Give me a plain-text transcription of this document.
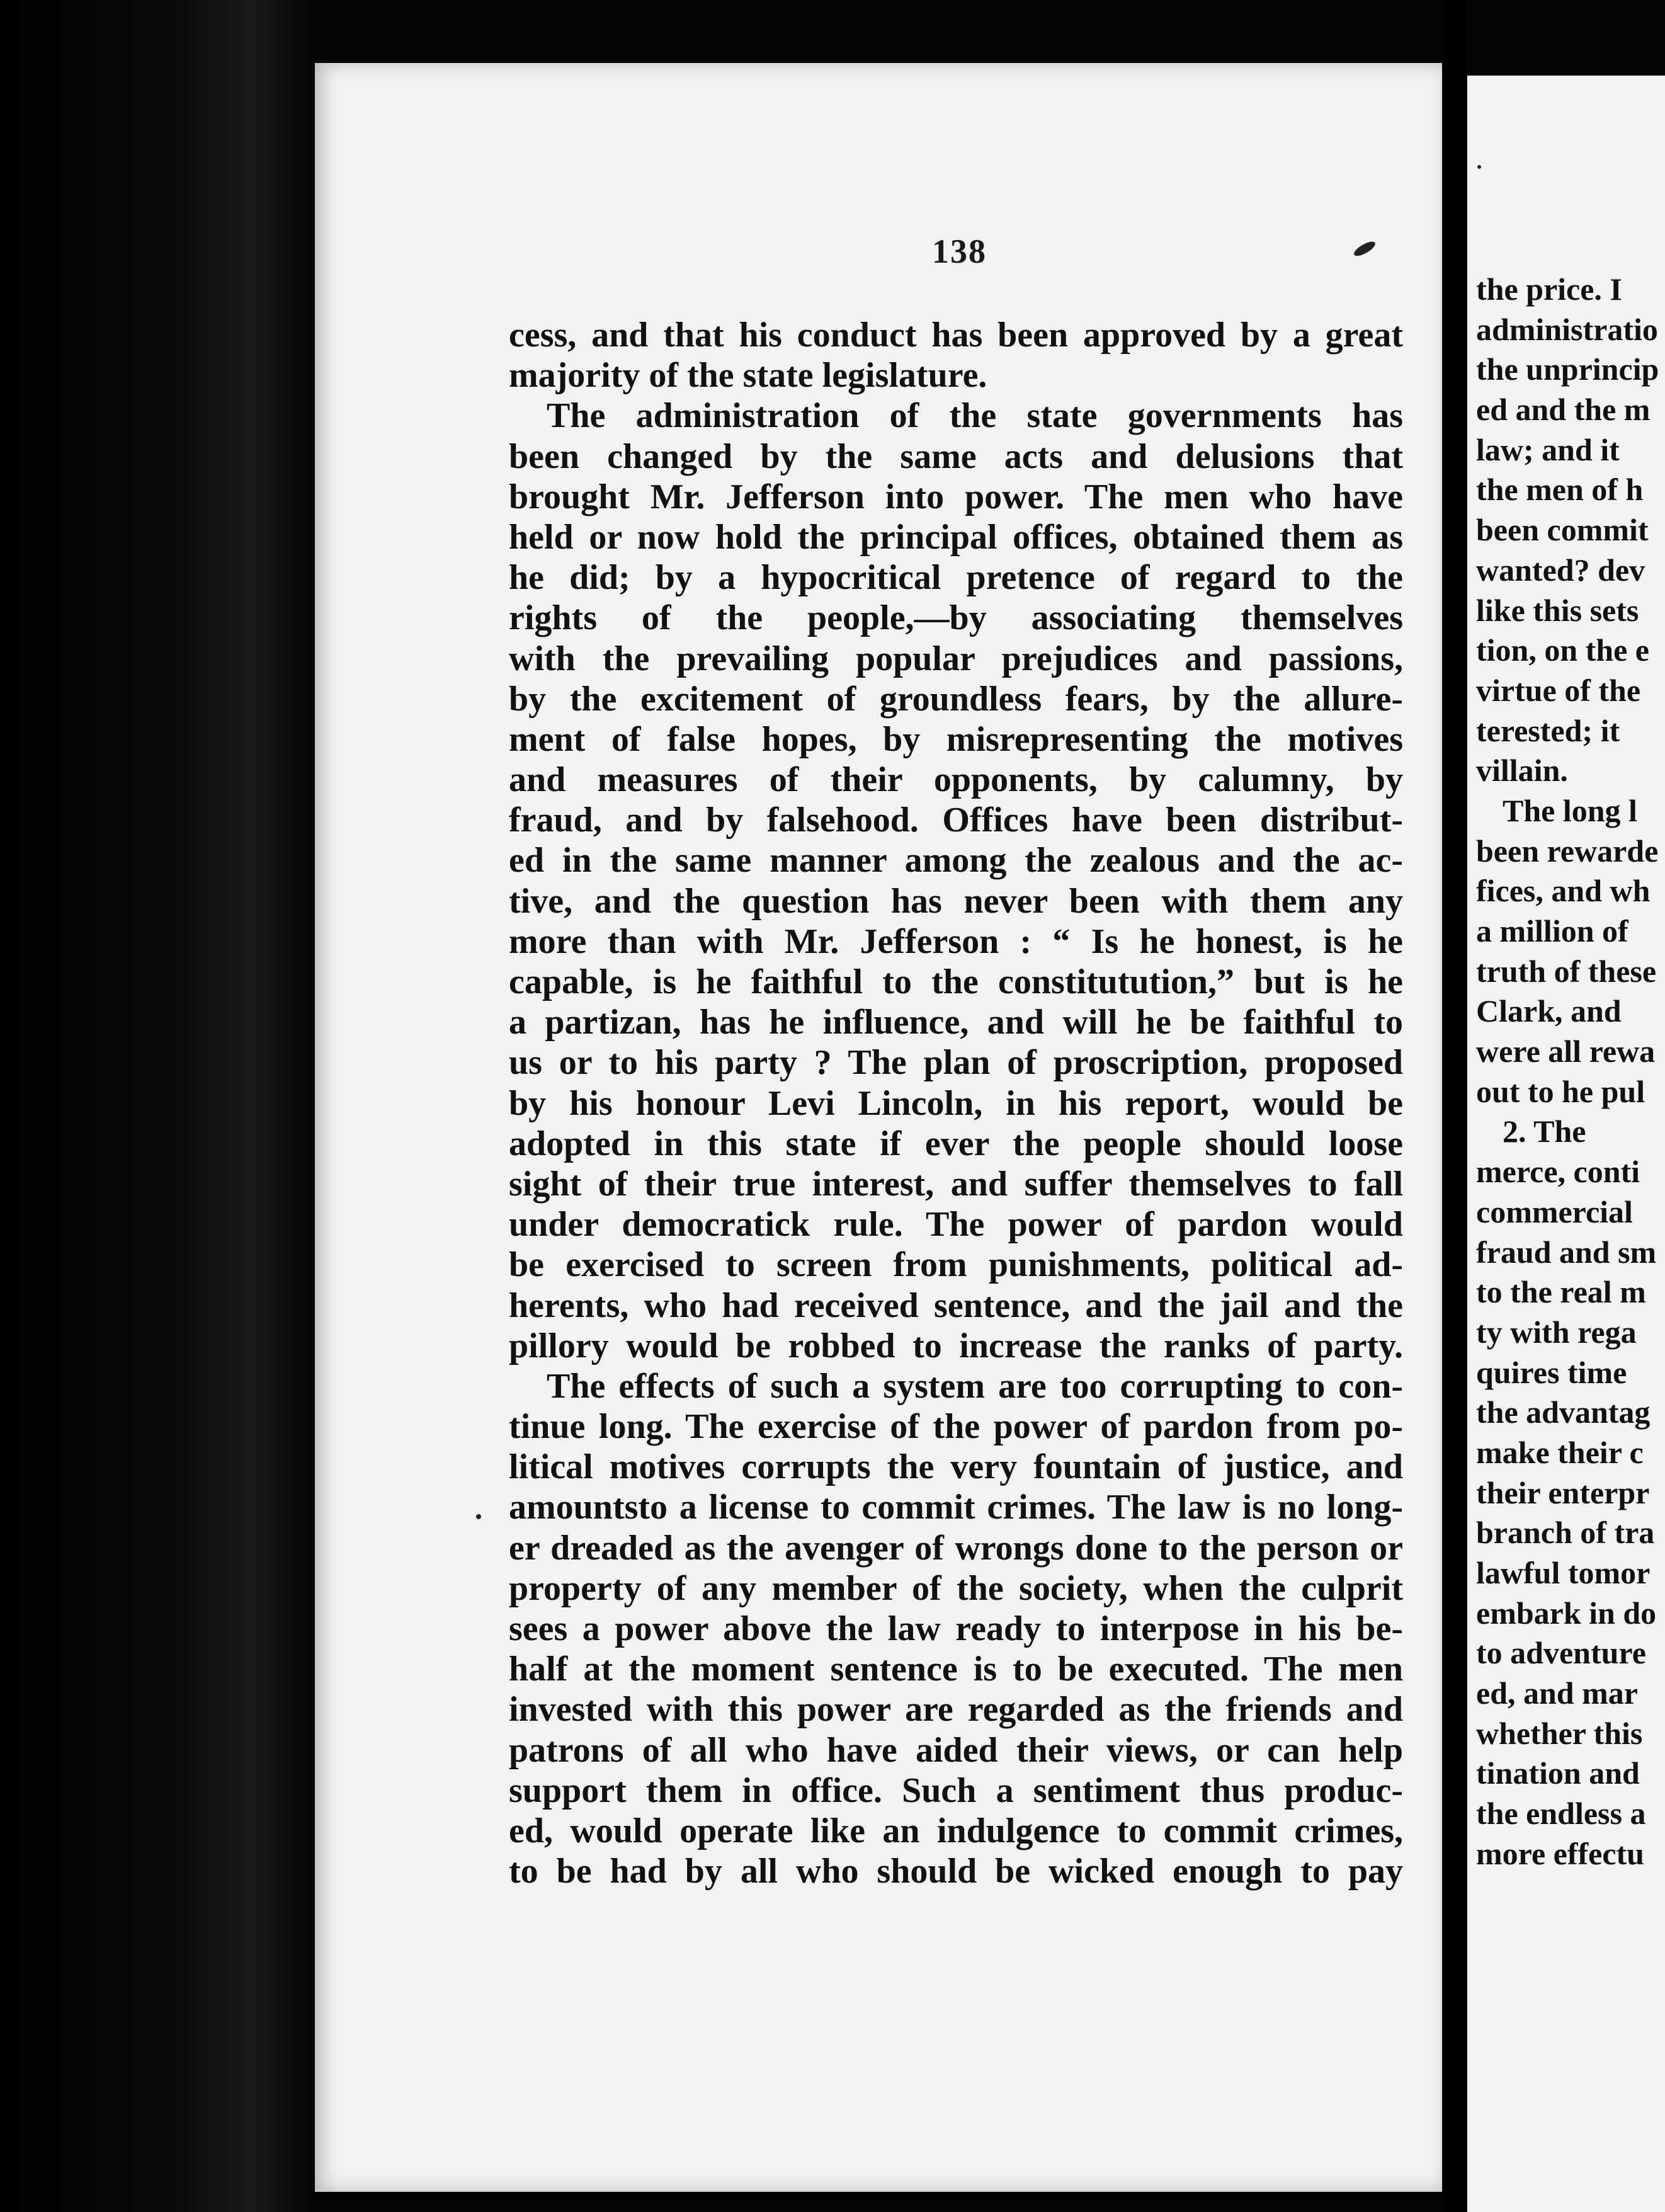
138
cess, and that his conduct has been approved by a great
majority of the state legislature.
The administration of the state governments has
been changed by the same acts and delusions that
brought Mr. Jefferson into power. The men who have
held or now hold the principal offices, obtained them as
he did; by a hypocritical pretence of regard to the
rights of the people,—by associating themselves
with the prevailing popular prejudices and passions,
by the excitement of groundless fears, by the allure-
ment of false hopes, by misrepresenting the motives
and measures of their opponents, by calumny, by
fraud, and by falsehood. Offices have been distribut-
ed in the same manner among the zealous and the ac-
tive, and the question has never been with them any
more than with Mr. Jefferson : “ Is he honest, is he
capable, is he faithful to the constitutution,” but is he
a partizan, has he influence, and will he be faithful to
us or to his party ? The plan of proscription, proposed
by his honour Levi Lincoln, in his report, would be
adopted in this state if ever the people should loose
sight of their true interest, and suffer themselves to fall
under democratick rule. The power of pardon would
be exercised to screen from punishments, political ad-
herents, who had received sentence, and the jail and the
pillory would be robbed to increase the ranks of party.
The effects of such a system are too corrupting to con-
tinue long. The exercise of the power of pardon from po-
litical motives corrupts the very fountain of justice, and
amountsto a license to commit crimes. The law is no long-
er dreaded as the avenger of wrongs done to the person or
property of any member of the society, when the culprit
sees a power above the law ready to interpose in his be-
half at the moment sentence is to be executed. The men
invested with this power are regarded as the friends and
patrons of all who have aided their views, or can help
support them in office. Such a sentiment thus produc-
ed, would operate like an indulgence to commit crimes,
to be had by all who should be wicked enough to pay
the price. I
administratio
the unprincip
ed and the m
law; and it
the men of h
been commit
wanted? dev
like this sets
tion, on the e
virtue of the
terested; it
villain.
The long l
been rewarde
fices, and wh
a million of
truth of these
Clark, and
were all rewa
out to he pul
2. The
merce, conti
commercial
fraud and sm
to the real m
ty with rega
quires time
the advantag
make their c
their enterpr
branch of tra
lawful tomor
embark in do
to adventure
ed, and mar
whether this
tination and
the endless a
more effectu
